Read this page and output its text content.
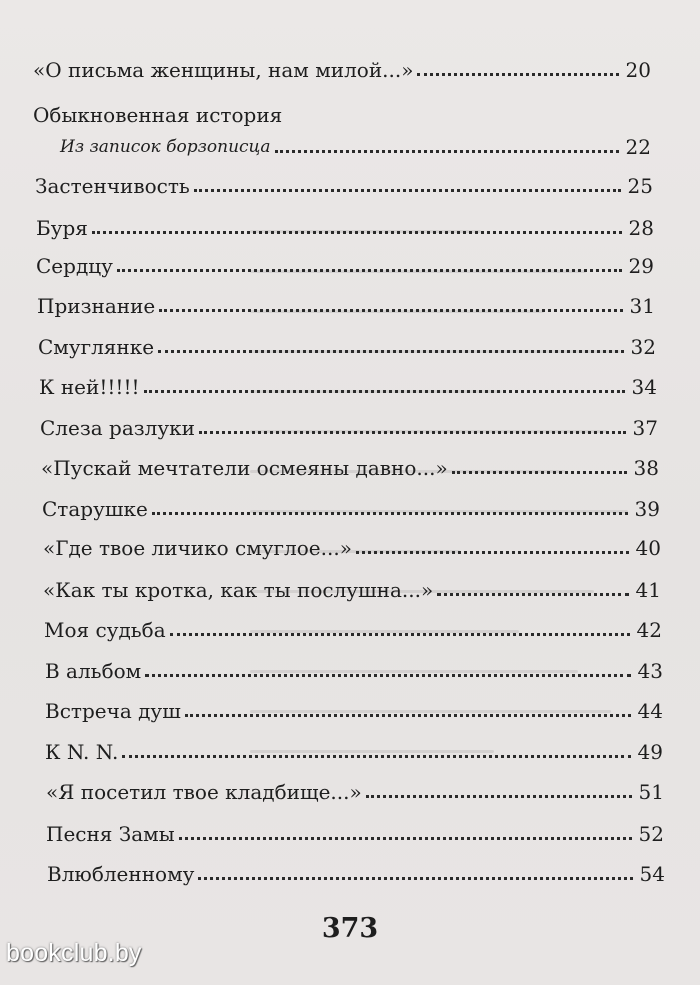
«О письма женщины, нам милой...»	20
Обыкновенная история
Из записок борзописца	22
Застенчивость	25
Буря	28
Сердцу	29
Признание	31
Смуглянке	32
К ней!!!!!	34
Слеза разлуки	37
«Пускай мечтатели осмеяны давно...»	38
Старушке	39
«Где твое личико смуглое...»	40
«Как ты кротка, как ты послушна...»	41
Моя судьба	42
В альбом	43
Встреча душ	44
К N. N.	49
«Я посетил твое кладбище...»	51
Песня Замы	52
Влюбленному	54
373
bookclub.by
